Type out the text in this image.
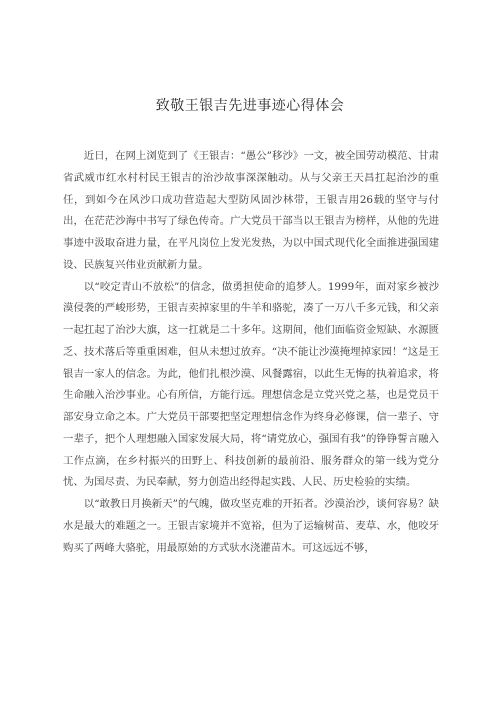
致敬王银吉先进事迹心得体会

近日，在网上浏览到了《王银吉：“愚公”移沙》一文，被全国劳动模范、甘肃省武威市红水村村民王银吉的治沙故事深深触动。从与父亲王天昌扛起治沙的重任，到如今在风沙口成功营造起大型防风固沙林带，王银吉用26载的坚守与付出，在茫茫沙海中书写了绿色传奇。广大党员干部当以王银吉为榜样，从他的先进事迹中汲取奋进力量，在平凡岗位上发光发热，为以中国式现代化全面推进强国建设、民族复兴伟业贡献新力量。

以“咬定青山不放松”的信念，做勇担使命的追梦人。1999年，面对家乡被沙漠侵袭的严峻形势，王银吉卖掉家里的牛羊和骆驼，凑了一万八千多元钱，和父亲一起扛起了治沙大旗，这一扛就是二十多年。这期间，他们面临资金短缺、水源匮乏、技术落后等重重困难，但从未想过放弃。“决不能让沙漠掩埋掉家园！”这是王银吉一家人的信念。为此，他们扎根沙漠、风餐露宿，以此生无悔的执着追求，将生命融入治沙事业。心有所信，方能行远。理想信念是立党兴党之基，也是党员干部安身立命之本。广大党员干部要把坚定理想信念作为终身必修课，信一辈子、守一辈子，把个人理想融入国家发展大局，将“请党放心，强国有我”的铮铮誓言融入工作点滴，在乡村振兴的田野上、科技创新的最前沿、服务群众的第一线为党分忧、为国尽责、为民奉献，努力创造出经得起实践、人民、历史检验的实绩。

以“敢教日月换新天”的气魄，做攻坚克难的开拓者。沙漠治沙，谈何容易？缺水是最大的难题之一。王银吉家境并不宽裕，但为了运输树苗、麦草、水，他咬牙购买了两峰大骆驼，用最原始的方式驮水浇灌苗木。可这远远不够，
